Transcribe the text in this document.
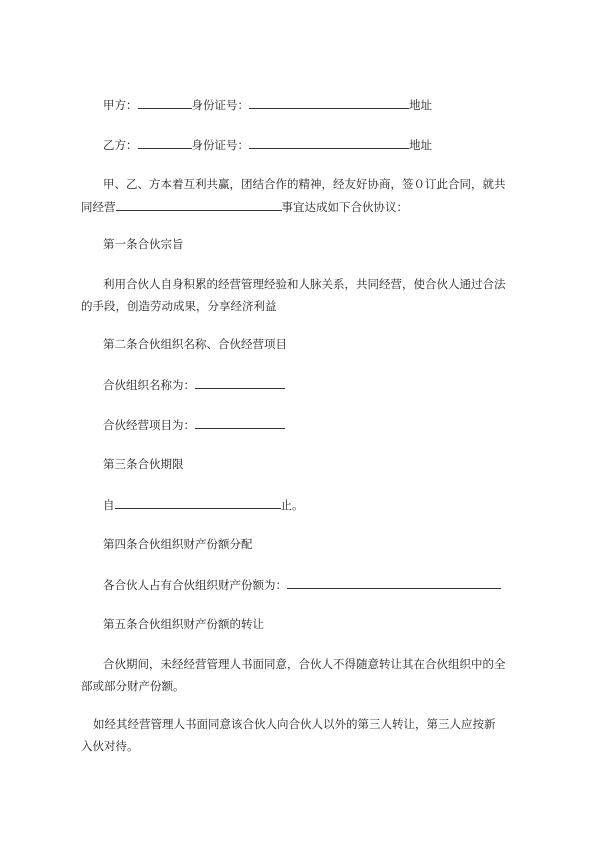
甲方：	身份证号：	地址
乙方：	身份证号：	地址
甲、乙、方本着互利共赢，团结合作的精神，经友好协商，签０订此合同，就共
同经营	事宜达成如下合伙协议：
第一条合伙宗旨
利用合伙人自身积累的经营管理经验和人脉关系，共同经营，使合伙人通过合法
的手段，创造劳动成果，分享经济利益
第二条合伙组织名称、合伙经营项目
合伙组织名称为：
合伙经营项目为：
第三条合伙期限
自	止。
第四条合伙组织财产份额分配
各合伙人占有合伙组织财产份额为：
第五条合伙组织财产份额的转让
合伙期间，未经经营管理人书面同意，合伙人不得随意转让其在合伙组织中的全
部或部分财产份额。
如经其经营管理人书面同意该合伙人向合伙人以外的第三人转让，第三人应按新
入伙对待。
